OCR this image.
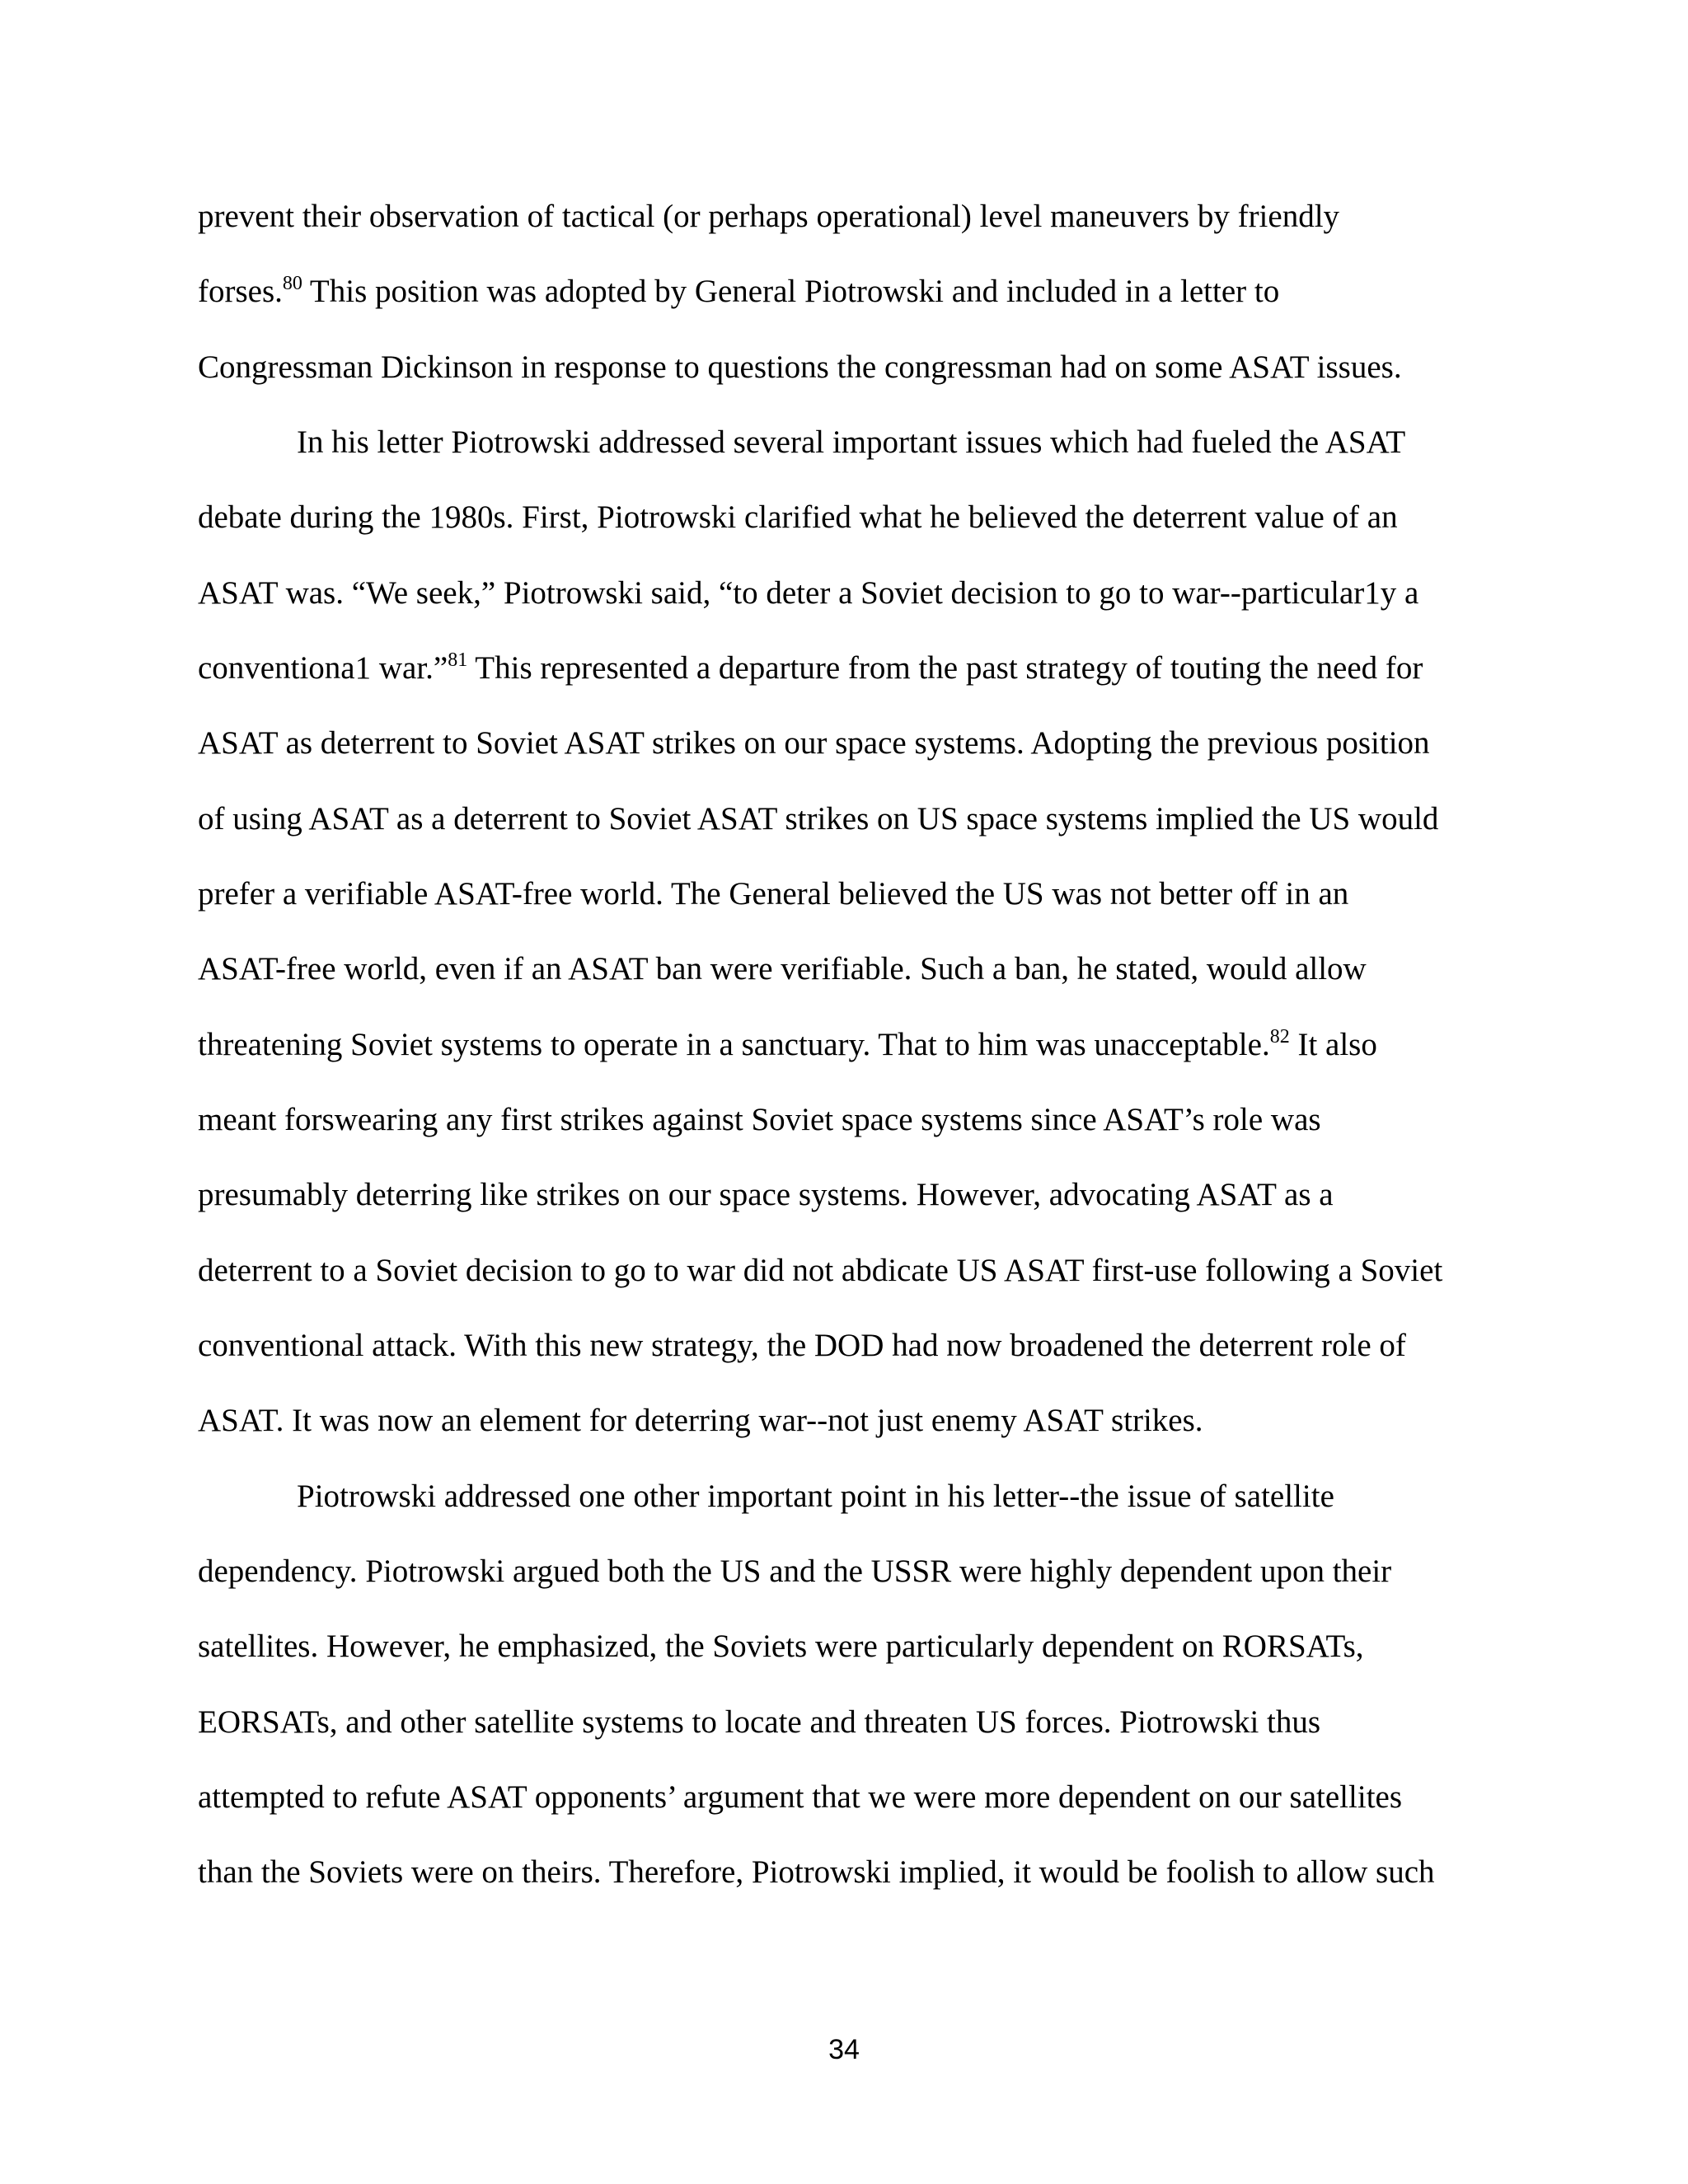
prevent their observation of tactical (or perhaps operational) level maneuvers by friendly
forses.$^{80}$ This position was adopted by General Piotrowski and included in a letter to
Congressman Dickinson in response to questions the congressman had on some ASAT issues.
In his letter Piotrowski addressed several important issues which had fueled the ASAT
debate during the 1980s. First, Piotrowski clarified what he believed the deterrent value of an
ASAT was. “We seek,” Piotrowski said, “to deter a Soviet decision to go to war--particular1y a
conventiona1 war.”$^{81}$ This represented a departure from the past strategy of touting the need for
ASAT as deterrent to Soviet ASAT strikes on our space systems. Adopting the previous position
of using ASAT as a deterrent to Soviet ASAT strikes on US space systems implied the US would
prefer a verifiable ASAT-free world. The General believed the US was not better off in an
ASAT-free world, even if an ASAT ban were verifiable. Such a ban, he stated, would allow
threatening Soviet systems to operate in a sanctuary. That to him was unacceptable.$^{82}$ It also
meant forswearing any first strikes against Soviet space systems since ASAT’s role was
presumably deterring like strikes on our space systems. However, advocating ASAT as a
deterrent to a Soviet decision to go to war did not abdicate US ASAT first-use following a Soviet
conventional attack. With this new strategy, the DOD had now broadened the deterrent role of
ASAT. It was now an element for deterring war--not just enemy ASAT strikes.
Piotrowski addressed one other important point in his letter--the issue of satellite
dependency. Piotrowski argued both the US and the USSR were highly dependent upon their
satellites. However, he emphasized, the Soviets were particularly dependent on RORSATs,
EORSATs, and other satellite systems to locate and threaten US forces. Piotrowski thus
attempted to refute ASAT opponents’ argument that we were more dependent on our satellites
than the Soviets were on theirs. Therefore, Piotrowski implied, it would be foolish to allow such
34
